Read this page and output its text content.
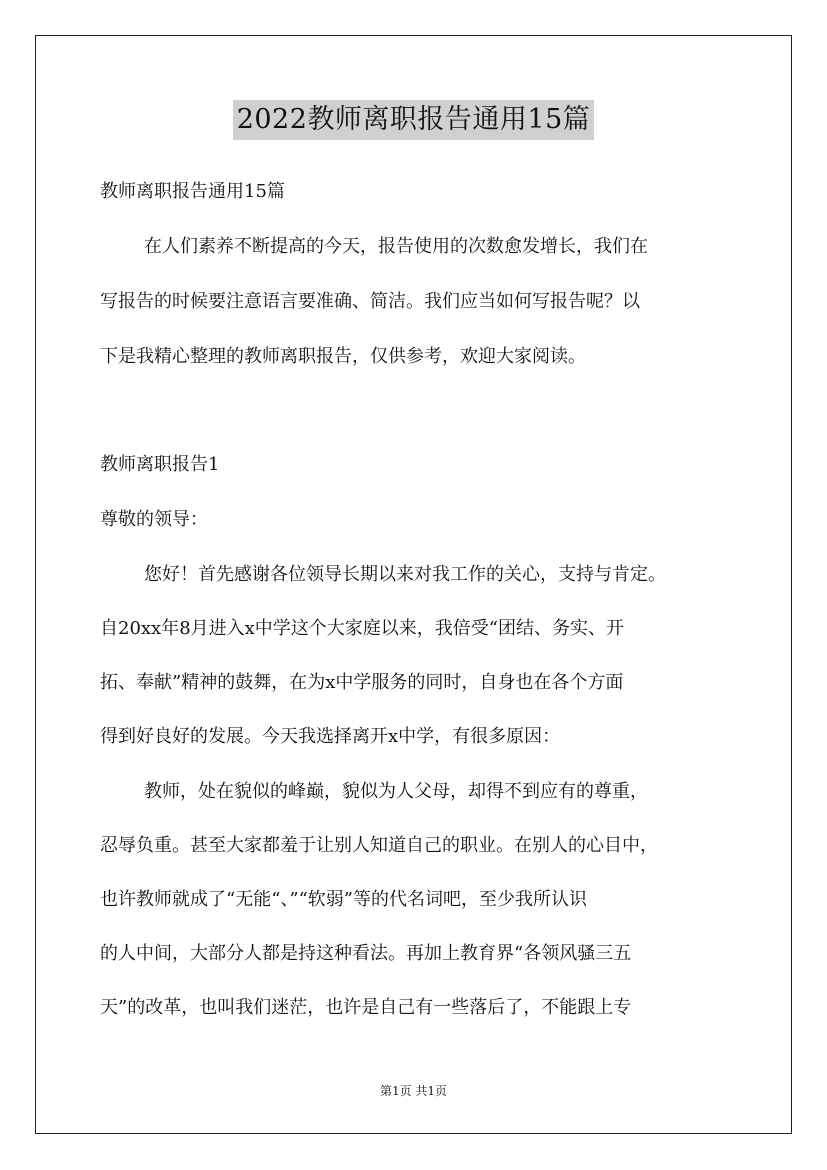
2022教师离职报告通用15篇
教师离职报告通用15篇
在人们素养不断提高的今天，报告使用的次数愈发增长，我们在
写报告的时候要注意语言要准确、简洁。我们应当如何写报告呢？以
下是我精心整理的教师离职报告，仅供参考，欢迎大家阅读。
教师离职报告1
尊敬的领导：
您好！首先感谢各位领导长期以来对我工作的关心，支持与肯定。
自20xx年8月进入x中学这个大家庭以来，我倍受“团结、务实、开
拓、奉献”精神的鼓舞，在为x中学服务的同时，自身也在各个方面
得到好良好的发展。今天我选择离开x中学，有很多原因：
教师，处在貌似的峰巅，貌似为人父母，却得不到应有的尊重，
忍辱负重。甚至大家都羞于让别人知道自己的职业。在别人的心目中，
也许教师就成了“无能“、”“软弱”等的代名词吧，至少我所认识
的人中间，大部分人都是持这种看法。再加上教育界“各领风骚三五
天”的改革，也叫我们迷茫，也许是自己有一些落后了，不能跟上专
第1页 共1页
